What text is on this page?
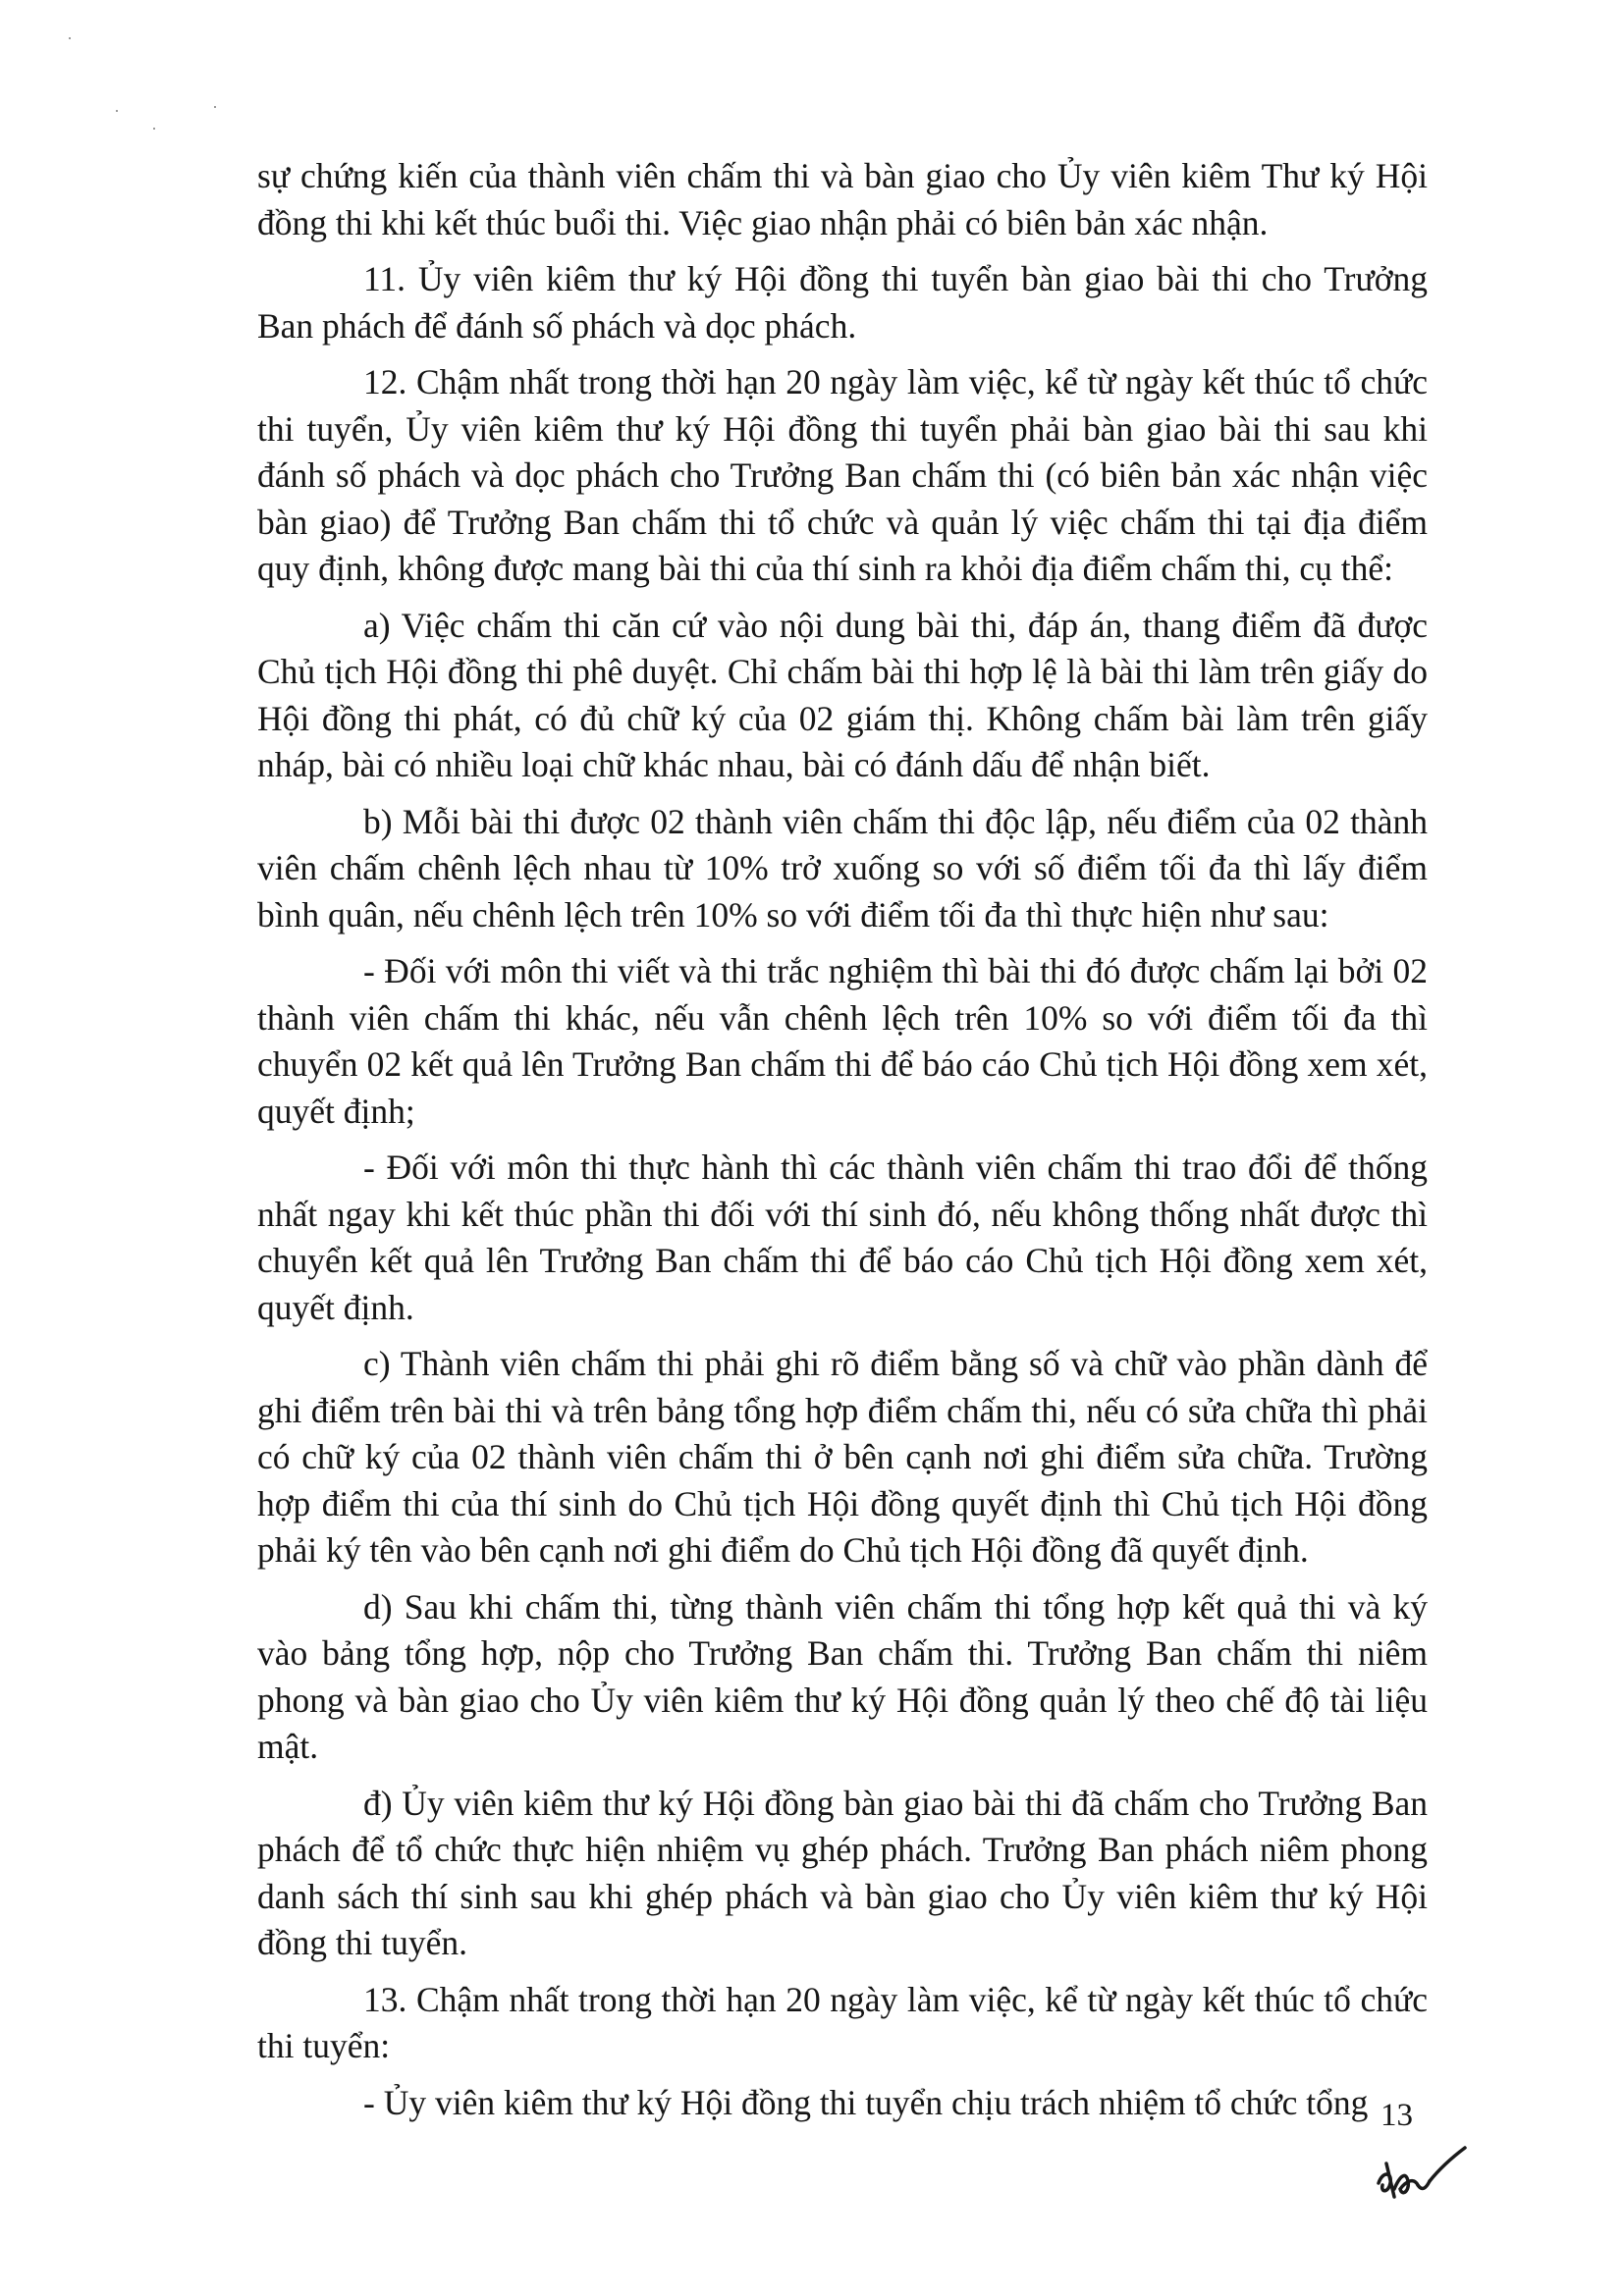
sự chứng kiến của thành viên chấm thi và bàn giao cho Ủy viên kiêm Thư ký Hội đồng thi khi kết thúc buổi thi. Việc giao nhận phải có biên bản xác nhận.

11. Ủy viên kiêm thư ký Hội đồng thi tuyển bàn giao bài thi cho Trưởng Ban phách để đánh số phách và dọc phách.

12. Chậm nhất trong thời hạn 20 ngày làm việc, kể từ ngày kết thúc tổ chức thi tuyển, Ủy viên kiêm thư ký Hội đồng thi tuyển phải bàn giao bài thi sau khi đánh số phách và dọc phách cho Trưởng Ban chấm thi (có biên bản xác nhận việc bàn giao) để Trưởng Ban chấm thi tổ chức và quản lý việc chấm thi tại địa điểm quy định, không được mang bài thi của thí sinh ra khỏi địa điểm chấm thi, cụ thể:

a) Việc chấm thi căn cứ vào nội dung bài thi, đáp án, thang điểm đã được Chủ tịch Hội đồng thi phê duyệt. Chỉ chấm bài thi hợp lệ là bài thi làm trên giấy do Hội đồng thi phát, có đủ chữ ký của 02 giám thị. Không chấm bài làm trên giấy nháp, bài có nhiều loại chữ khác nhau, bài có đánh dấu để nhận biết.

b) Mỗi bài thi được 02 thành viên chấm thi độc lập, nếu điểm của 02 thành viên chấm chênh lệch nhau từ 10% trở xuống so với số điểm tối đa thì lấy điểm bình quân, nếu chênh lệch trên 10% so với điểm tối đa thì thực hiện như sau:

- Đối với môn thi viết và thi trắc nghiệm thì bài thi đó được chấm lại bởi 02 thành viên chấm thi khác, nếu vẫn chênh lệch trên 10% so với điểm tối đa thì chuyển 02 kết quả lên Trưởng Ban chấm thi để báo cáo Chủ tịch Hội đồng xem xét, quyết định;

- Đối với môn thi thực hành thì các thành viên chấm thi trao đổi để thống nhất ngay khi kết thúc phần thi đối với thí sinh đó, nếu không thống nhất được thì chuyển kết quả lên Trưởng Ban chấm thi để báo cáo Chủ tịch Hội đồng xem xét, quyết định.

c) Thành viên chấm thi phải ghi rõ điểm bằng số và chữ vào phần dành để ghi điểm trên bài thi và trên bảng tổng hợp điểm chấm thi, nếu có sửa chữa thì phải có chữ ký của 02 thành viên chấm thi ở bên cạnh nơi ghi điểm sửa chữa. Trường hợp điểm thi của thí sinh do Chủ tịch Hội đồng quyết định thì Chủ tịch Hội đồng phải ký tên vào bên cạnh nơi ghi điểm do Chủ tịch Hội đồng đã quyết định.

d) Sau khi chấm thi, từng thành viên chấm thi tổng hợp kết quả thi và ký vào bảng tổng hợp, nộp cho Trưởng Ban chấm thi. Trưởng Ban chấm thi niêm phong và bàn giao cho Ủy viên kiêm thư ký Hội đồng quản lý theo chế độ tài liệu mật.

đ) Ủy viên kiêm thư ký Hội đồng bàn giao bài thi đã chấm cho Trưởng Ban phách để tổ chức thực hiện nhiệm vụ ghép phách. Trưởng Ban phách niêm phong danh sách thí sinh sau khi ghép phách và bàn giao cho Ủy viên kiêm thư ký Hội đồng thi tuyển.

13. Chậm nhất trong thời hạn 20 ngày làm việc, kể từ ngày kết thúc tổ chức thi tuyển:

- Ủy viên kiêm thư ký Hội đồng thi tuyển chịu trách nhiệm tổ chức tổng 13
